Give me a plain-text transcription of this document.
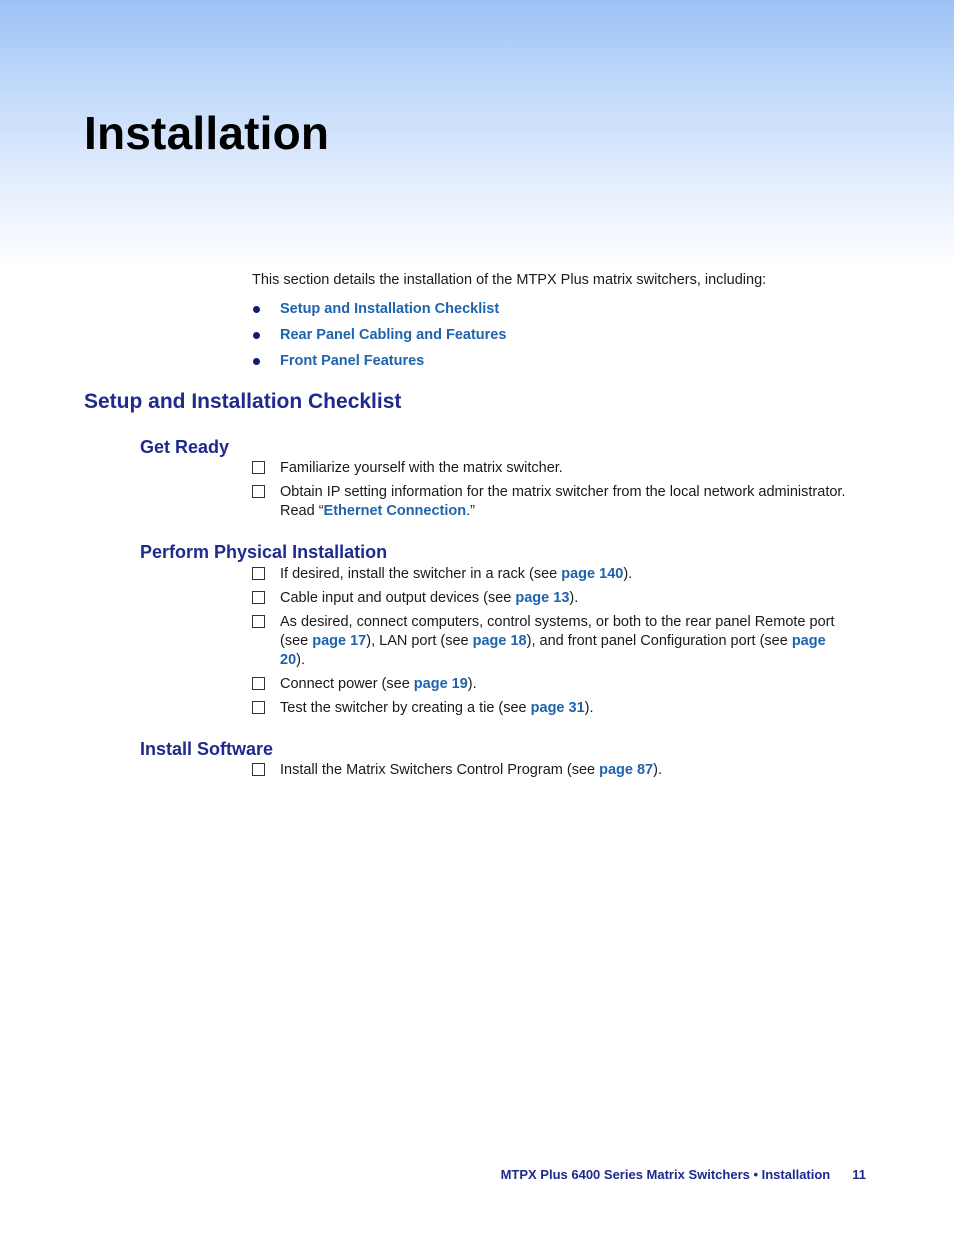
Installation

This section details the installation of the MTPX Plus matrix switchers, including:

Setup and Installation Checklist
Rear Panel Cabling and Features
Front Panel Features
Setup and Installation Checklist
Get Ready
Familiarize yourself with the matrix switcher.
Obtain IP setting information for the matrix switcher from the local network administrator. Read “Ethernet Connection.”
Perform Physical Installation
If desired, install the switcher in a rack (see page 140).
Cable input and output devices (see page 13).
As desired, connect computers, control systems, or both to the rear panel Remote port (see page 17), LAN port (see page 18), and front panel Configuration port (see page 20).
Connect power (see page 19).
Test the switcher by creating a tie (see page 31).
Install Software
Install the Matrix Switchers Control Program (see page 87).
MTPX Plus 6400 Series Matrix Switchers • Installation 11
